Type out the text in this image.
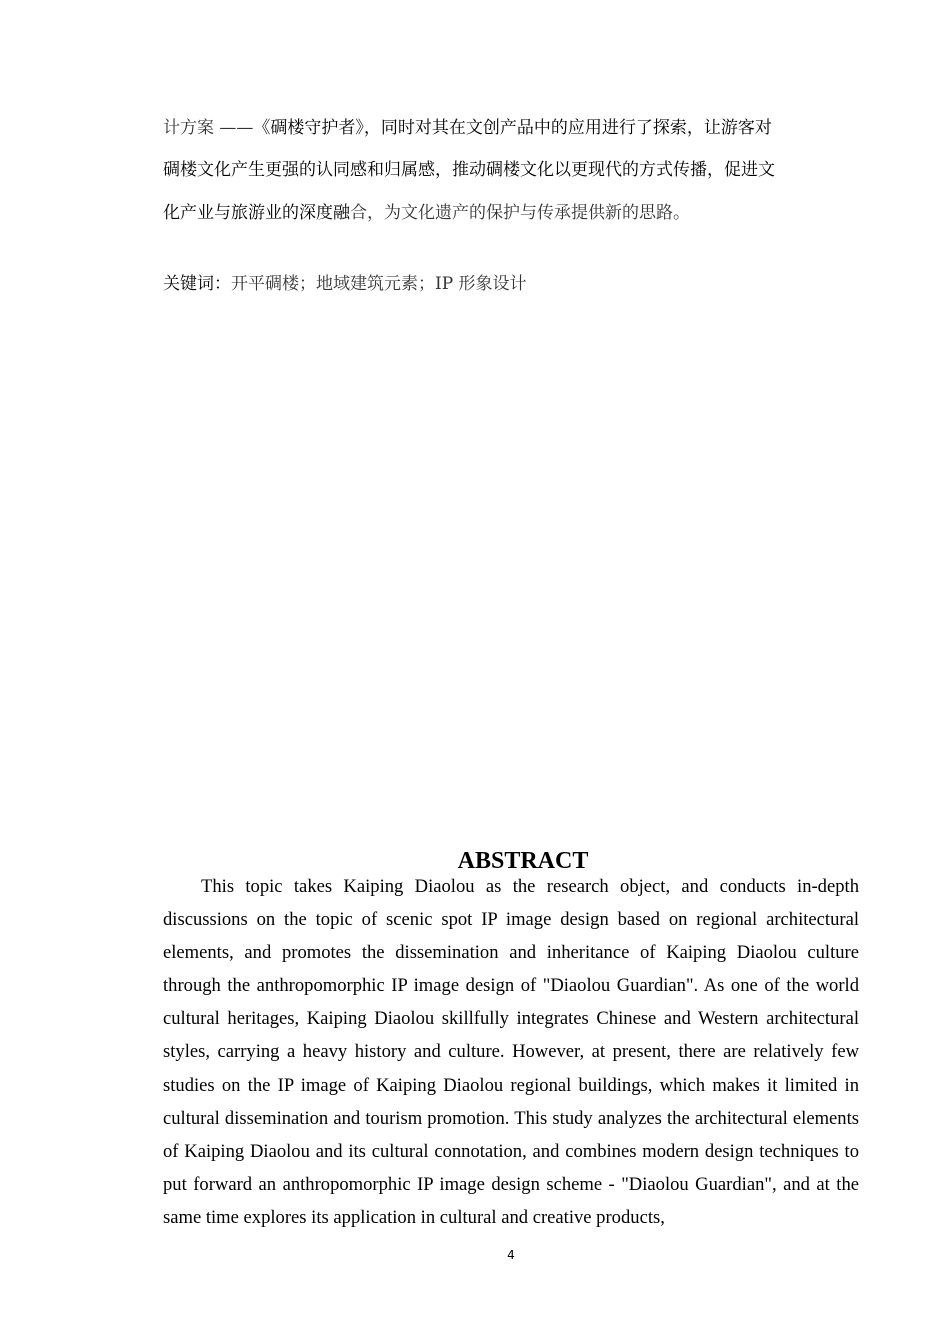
计方案 ——《碉楼守护者》，同时对其在文创产品中的应用进行了探索，让游客对
碉楼文化产生更强的认同感和归属感，推动碉楼文化以更现代的方式传播，促进文
化产业与旅游业的深度融合，为文化遗产的保护与传承提供新的思路。
关键词：开平碉楼；地域建筑元素；IP 形象设计
ABSTRACT

This topic takes Kaiping Diaolou as the research object, and conducts in-depth discussions on the topic of scenic spot IP image design based on regional architectural elements, and promotes the dissemination and inheritance of Kaiping Diaolou culture through the anthropomorphic IP image design of "Diaolou Guardian". As one of the world cultural heritages, Kaiping Diaolou skillfully integrates Chinese and Western architectural styles, carrying a heavy history and culture. However, at present, there are relatively few studies on the IP image of Kaiping Diaolou regional buildings, which makes it limited in cultural dissemination and tourism promotion. This study analyzes the architectural elements of Kaiping Diaolou and its cultural connotation, and combines modern design techniques to put forward an anthropomorphic IP image design scheme - "Diaolou Guardian", and at the same time explores its application in cultural and creative products,

4
